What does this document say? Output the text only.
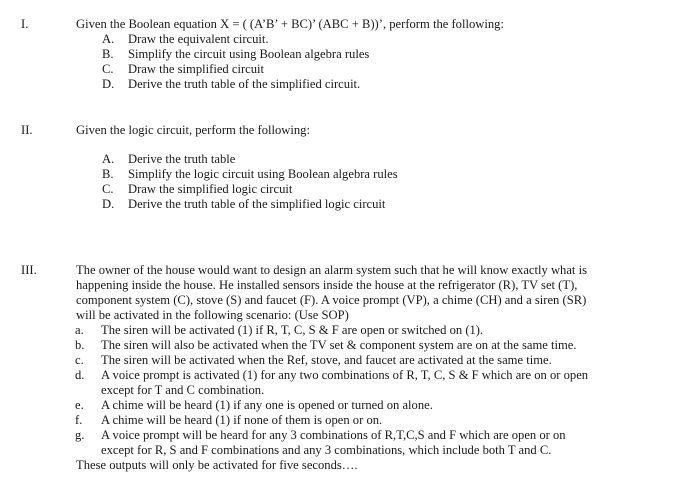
I.	Given the Boolean equation X = ( (A’B’ + BC)’ (ABC + B))’, perform the following:
A. Draw the equivalent circuit.
B. Simplify the circuit using Boolean algebra rules
C. Draw the simplified circuit
D. Derive the truth table of the simplified circuit.
II.	Given the logic circuit, perform the following:
A. Derive the truth table
B. Simplify the logic circuit using Boolean algebra rules
C. Draw the simplified logic circuit
D. Derive the truth table of the simplified logic circuit
III.	The owner of the house would want to design an alarm system such that he will know exactly what is
happening inside the house. He installed sensors inside the house at the refrigerator (R), TV set (T),
component system (C), stove (S) and faucet (F). A voice prompt (VP), a chime (CH) and a siren (SR)
will be activated in the following scenario: (Use SOP)
a. The siren will be activated (1) if R, T, C, S & F are open or switched on (1).
b. The siren will also be activated when the TV set & component system are on at the same time.
c. The siren will be activated when the Ref, stove, and faucet are activated at the same time.
d. A voice prompt is activated (1) for any two combinations of R, T, C, S & F which are on or open
except for T and C combination.
e. A chime will be heard (1) if any one is opened or turned on alone.
f. A chime will be heard (1) if none of them is open or on.
g. A voice prompt will be heard for any 3 combinations of R,T,C,S and F which are open or on
except for R, S and F combinations and any 3 combinations, which include both T and C.
These outputs will only be activated for five seconds….
